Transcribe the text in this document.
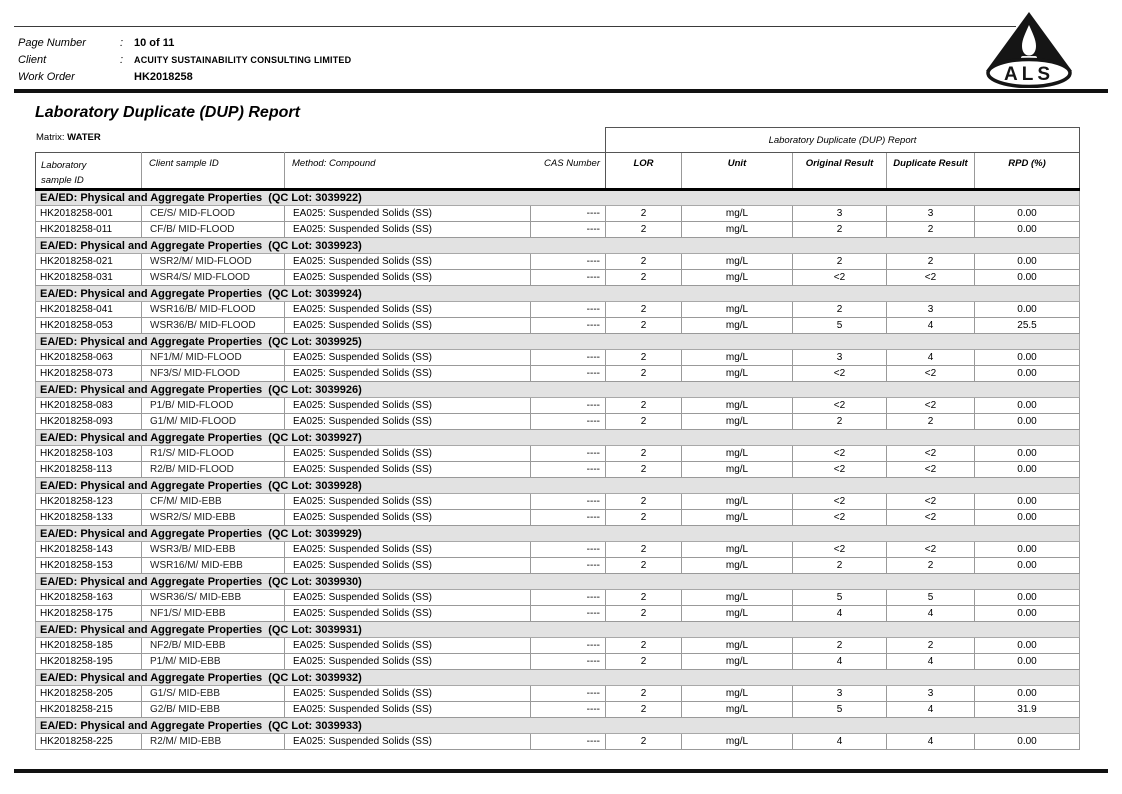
Page Number	: 10 of 11
Client	:	ACUITY SUSTAINABILITY CONSULTING LIMITED
Work Order	HK2018258	ALS
Laboratory Duplicate (DUP) Report
Matrix: WATER
				Laboratory Duplicate (DUP) Report				

Laboratory
sample ID	Client sample ID	Method: Compound	CAS Number	LOR	Unit	Original Result	Duplicate Result	RPD (%)
EA/ED: Physical and Aggregate Properties  (QC Lot: 3039922)								
HK2018258-001	CE/S/ MID-FLOOD	EA025: Suspended Solids (SS)	----	2	mg/L	3	3	0.00
HK2018258-011	CF/B/ MID-FLOOD	EA025: Suspended Solids (SS)	----	2	mg/L	2	2	0.00
EA/ED: Physical and Aggregate Properties  (QC Lot: 3039923)								
HK2018258-021	WSR2/M/ MID-FLOOD	EA025: Suspended Solids (SS)	----	2	mg/L	2	2	0.00
HK2018258-031	WSR4/S/ MID-FLOOD	EA025: Suspended Solids (SS)	----	2	mg/L	<2	<2	0.00
EA/ED: Physical and Aggregate Properties  (QC Lot: 3039924)								
HK2018258-041	WSR16/B/ MID-FLOOD	EA025: Suspended Solids (SS)	----	2	mg/L	2	3	0.00
HK2018258-053	WSR36/B/ MID-FLOOD	EA025: Suspended Solids (SS)	----	2	mg/L	5	4	25.5
EA/ED: Physical and Aggregate Properties  (QC Lot: 3039925)								
HK2018258-063	NF1/M/ MID-FLOOD	EA025: Suspended Solids (SS)	----	2	mg/L	3	4	0.00
HK2018258-073	NF3/S/ MID-FLOOD	EA025: Suspended Solids (SS)	----	2	mg/L	<2	<2	0.00
EA/ED: Physical and Aggregate Properties  (QC Lot: 3039926)								
HK2018258-083	P1/B/ MID-FLOOD	EA025: Suspended Solids (SS)	----	2	mg/L	<2	<2	0.00
HK2018258-093	G1/M/ MID-FLOOD	EA025: Suspended Solids (SS)	----	2	mg/L	2	2	0.00
EA/ED: Physical and Aggregate Properties  (QC Lot: 3039927)								
HK2018258-103	R1/S/ MID-FLOOD	EA025: Suspended Solids (SS)	----	2	mg/L	<2	<2	0.00
HK2018258-113	R2/B/ MID-FLOOD	EA025: Suspended Solids (SS)	----	2	mg/L	<2	<2	0.00
EA/ED: Physical and Aggregate Properties  (QC Lot: 3039928)								
HK2018258-123	CF/M/ MID-EBB	EA025: Suspended Solids (SS)	----	2	mg/L	<2	<2	0.00
HK2018258-133	WSR2/S/ MID-EBB	EA025: Suspended Solids (SS)	----	2	mg/L	<2	<2	0.00
EA/ED: Physical and Aggregate Properties  (QC Lot: 3039929)								
HK2018258-143	WSR3/B/ MID-EBB	EA025: Suspended Solids (SS)	----	2	mg/L	<2	<2	0.00
HK2018258-153	WSR16/M/ MID-EBB	EA025: Suspended Solids (SS)	----	2	mg/L	2	2	0.00
EA/ED: Physical and Aggregate Properties  (QC Lot: 3039930)								
HK2018258-163	WSR36/S/ MID-EBB	EA025: Suspended Solids (SS)	----	2	mg/L	5	5	0.00
HK2018258-175	NF1/S/ MID-EBB	EA025: Suspended Solids (SS)	----	2	mg/L	4	4	0.00
EA/ED: Physical and Aggregate Properties  (QC Lot: 3039931)								
HK2018258-185	NF2/B/ MID-EBB	EA025: Suspended Solids (SS)	----	2	mg/L	2	2	0.00
HK2018258-195	P1/M/ MID-EBB	EA025: Suspended Solids (SS)	----	2	mg/L	4	4	0.00
EA/ED: Physical and Aggregate Properties  (QC Lot: 3039932)								
HK2018258-205	G1/S/ MID-EBB	EA025: Suspended Solids (SS)	----	2	mg/L	3	3	0.00
HK2018258-215	G2/B/ MID-EBB	EA025: Suspended Solids (SS)	----	2	mg/L	5	4	31.9
EA/ED: Physical and Aggregate Properties  (QC Lot: 3039933)								
HK2018258-225	R2/M/ MID-EBB	EA025: Suspended Solids (SS)	----	2	mg/L	4	4	0.00
